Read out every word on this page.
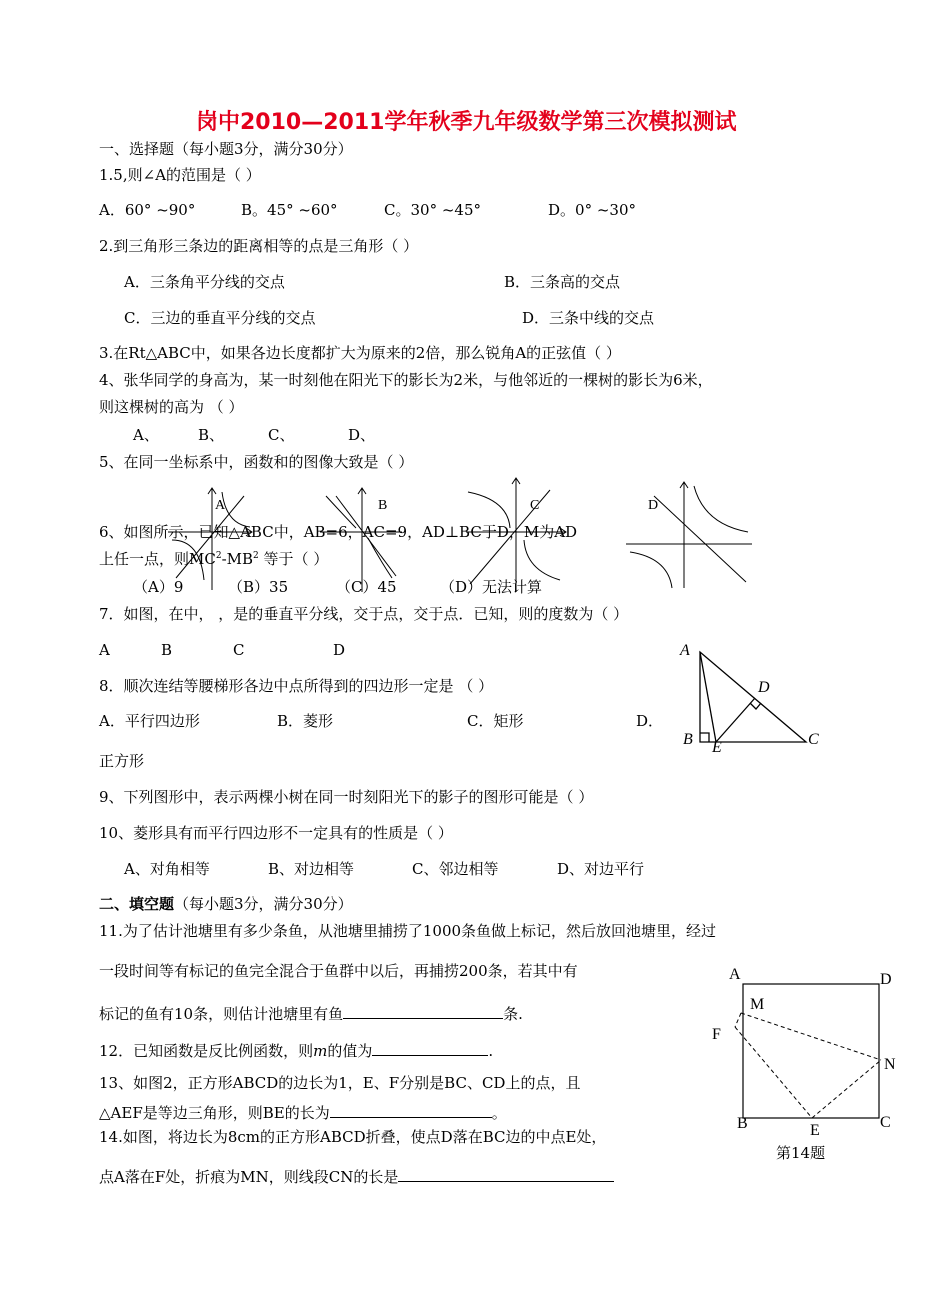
岗中2010—2011学年秋季九年级数学第三次模拟测试
一、选择题（每小题3分，满分30分）
1.5,则∠A的范围是（ ）
A．60° ~90°	B。45° ~60°	C。30° ~45°	D。0° ~30°
2.到三角形三条边的距离相等的点是三角形（ ）
A．三条角平分线的交点	B．三条高的交点
C．三边的垂直平分线的交点	D．三条中线的交点
3.在Rt△ABC中，如果各边长度都扩大为原来的2倍，那么锐角A的正弦值（ ）
4、张华同学的身高为，某一时刻他在阳光下的影长为2米，与他邻近的一棵树的影长为6米，
则这棵树的高为 （ ）
A、	B、	C、	D、
5、在同一坐标系中，函数和的图像大致是（ ）
A	B	C	D
6、如图所示，已知△ABC中，AB=6，AC=9，AD⊥BC于D，M为AD
上任一点，则$MC^2-MB^2$ 等于（ ）
（A）9	（B）35	（C）45	（D）无法计算
7．如图，在中， ，是的垂直平分线，交于点，交于点．已知，则的度数为（ ）
A	B	C	D	A
D
B E	C
8．顺次连结等腰梯形各边中点所得到的四边形一定是 （ ）
A．平行四边形	B．菱形	C．矩形	D．
正方形
9、下列图形中，表示两棵小树在同一时刻阳光下的影子的图形可能是（ ）
10、菱形具有而平行四边形不一定具有的性质是（ ）
A、对角相等	B、对边相等	C、邻边相等	D、对边平行
二、填空题（每小题3分，满分30分）
11.为了估计池塘里有多少条鱼，从池塘里捕捞了1000条鱼做上标记，然后放回池塘里，经过
一段时间等有标记的鱼完全混合于鱼群中以后，再捕捞200条，若其中有
标记的鱼有10条，则估计池塘里有鱼	条.
12．已知函数是反比例函数，则m的值为	.
13、如图2，正方形ABCD的边长为1，E、F分别是BC、CD上的点，且
△AEF是等边三角形，则BE的长为	。
14.如图，将边长为8cm的正方形ABCD折叠，使点D落在BC边的中点E处，
点A落在F处，折痕为MN，则线段CN的长是
A	D
M
F
N
B	C
E
第14题
